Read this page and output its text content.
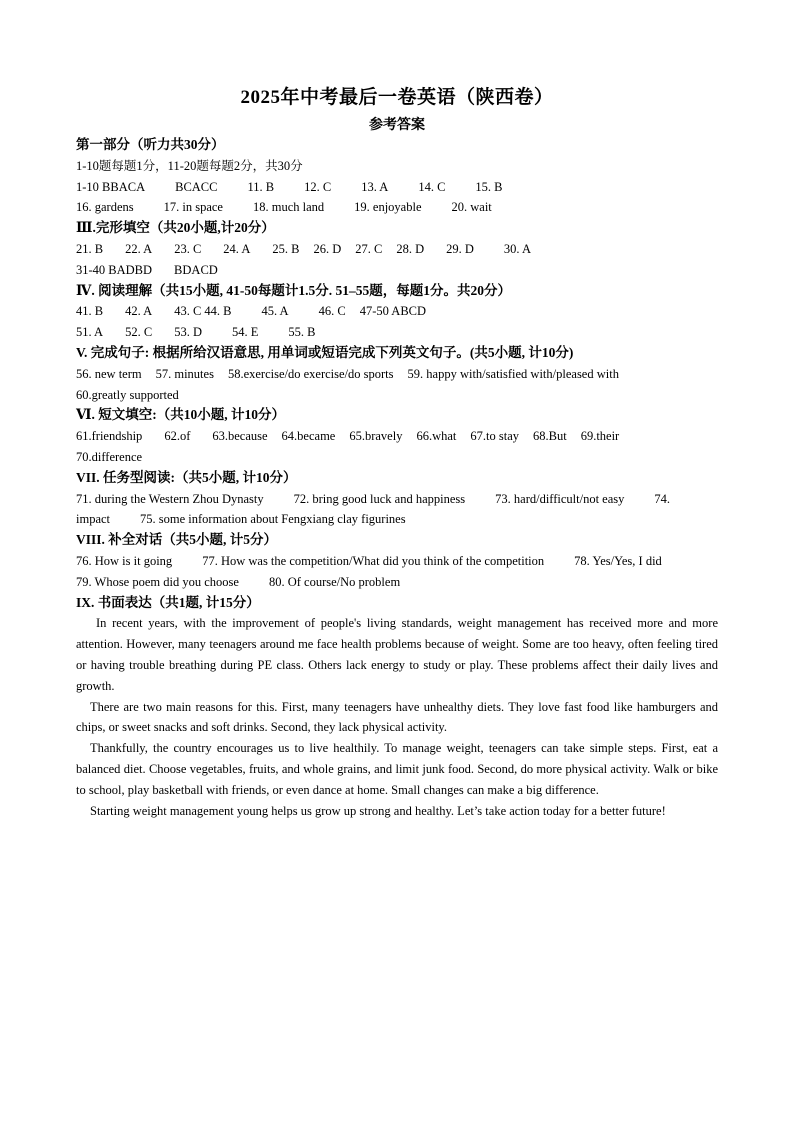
2025年中考最后一卷英语（陕西卷）
参考答案
第一部分（听力共30分）
1-10题每题1分，11-20题每题2分，共30分
1-10 BBACA BCACC 11. B 12. C 13. A 14. C 15. B
16. gardens 17. in space 18. much land 19. enjoyable 20. wait
Ⅲ.完形填空（共20小题,计20分）
21. B 22. A 23. C 24. A 25. B 26. D 27. C 28. D 29. D 30. A
31-40 BADBD BDACD
Ⅳ. 阅读理解（共15小题, 41-50每题计1.5分. 51–55题，每题1分。共20分）
41. B 42. A 43. C 44. B 45. A 46. C 47-50 ABCD
51. A 52. C 53. D 54. E 55. B
V. 完成句子: 根据所给汉语意思, 用单词或短语完成下列英文句子。(共5小题, 计10分)
56. new term 57. minutes 58.exercise/do exercise/do sports 59. happy with/satisfied with/pleased with
60.greatly supported
Ⅵ. 短文填空:（共10小题, 计10分）
61.friendship 62.of 63.because 64.became 65.bravely 66.what 67.to stay 68.But 69.their
70.difference
VII. 任务型阅读:（共5小题, 计10分）
71. during the Western Zhou Dynasty 72. bring good luck and happiness 73. hard/difficult/not easy 74.
impact 75. some information about Fengxiang clay figurines
VIII. 补全对话（共5小题, 计5分）
76. How is it going 77. How was the competition/What did you think of the competition 78. Yes/Yes, I did
79. Whose poem did you choose 80. Of course/No problem
IX. 书面表达（共1题, 计15分）

In recent years, with the improvement of people's living standards, weight management has received more and more attention. However, many teenagers around me face health problems because of weight. Some are too heavy, often feeling tired or having trouble breathing during PE class. Others lack energy to study or play. These problems affect their daily lives and growth.

There are two main reasons for this. First, many teenagers have unhealthy diets. They love fast food like hamburgers and chips, or sweet snacks and soft drinks. Second, they lack physical activity.

Thankfully, the country encourages us to live healthily. To manage weight, teenagers can take simple steps. First, eat a balanced diet. Choose vegetables, fruits, and whole grains, and limit junk food. Second, do more physical activity. Walk or bike to school, play basketball with friends, or even dance at home. Small changes can make a big difference.

Starting weight management young helps us grow up strong and healthy. Let’s take action today for a better future!
